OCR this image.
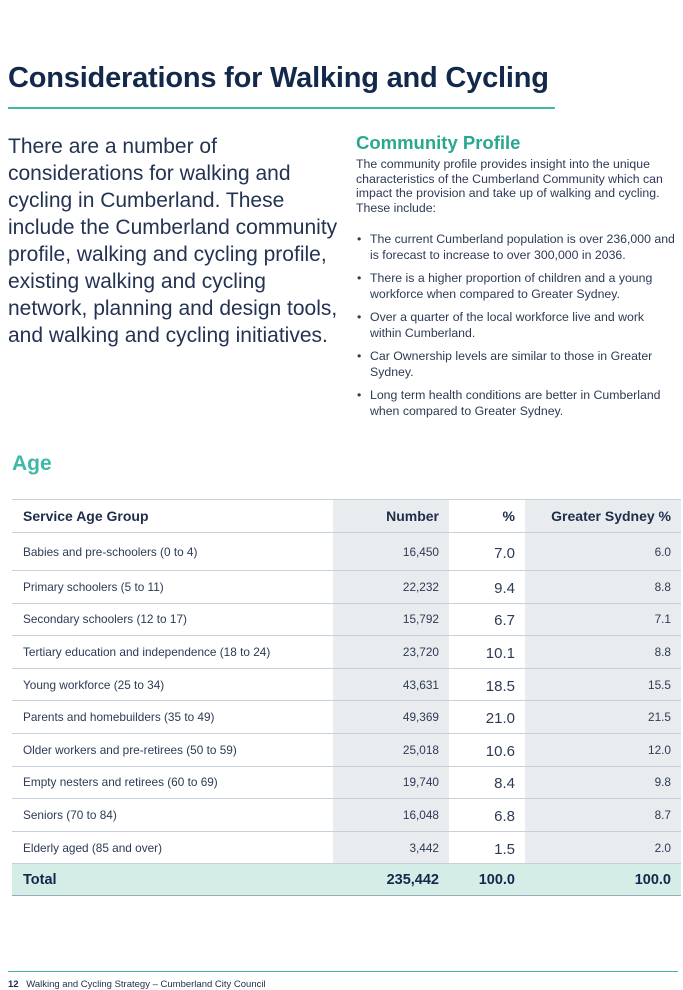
Considerations for Walking and Cycling

There are a number of considerations for walking and cycling in Cumberland. These include the Cumberland community profile, walking and cycling profile, existing walking and cycling network, planning and design tools, and walking and cycling initiatives.

Community Profile

The community profile provides insight into the unique characteristics of the Cumberland Community which can impact the provision and take up of walking and cycling. These include:

• The current Cumberland population is over 236,000 and is forecast to increase to over 300,000 in 2036.
• There is a higher proportion of children and a young workforce when compared to Greater Sydney.
• Over a quarter of the local workforce live and work within Cumberland.
• Car Ownership levels are similar to those in Greater Sydney.
• Long term health conditions are better in Cumberland when compared to Greater Sydney.
Age
Service Age Group	Number	%	Greater Sydney %
Babies and pre-schoolers (0 to 4)	16,450	7.0	6.0
Primary schoolers (5 to 11)	22,232	9.4	8.8
Secondary schoolers (12 to 17)	15,792	6.7	7.1
Tertiary education and independence (18 to 24)	23,720	10.1	8.8
Young workforce (25 to 34)	43,631	18.5	15.5
Parents and homebuilders (35 to 49)	49,369	21.0	21.5
Older workers and pre-retirees (50 to 59)	25,018	10.6	12.0
Empty nesters and retirees (60 to 69)	19,740	8.4	9.8
Seniors (70 to 84)	16,048	6.8	8.7
Elderly aged (85 and over)	3,442	1.5	2.0
Total	235,442	100.0	100.0
12 Walking and Cycling Strategy – Cumberland City Council
